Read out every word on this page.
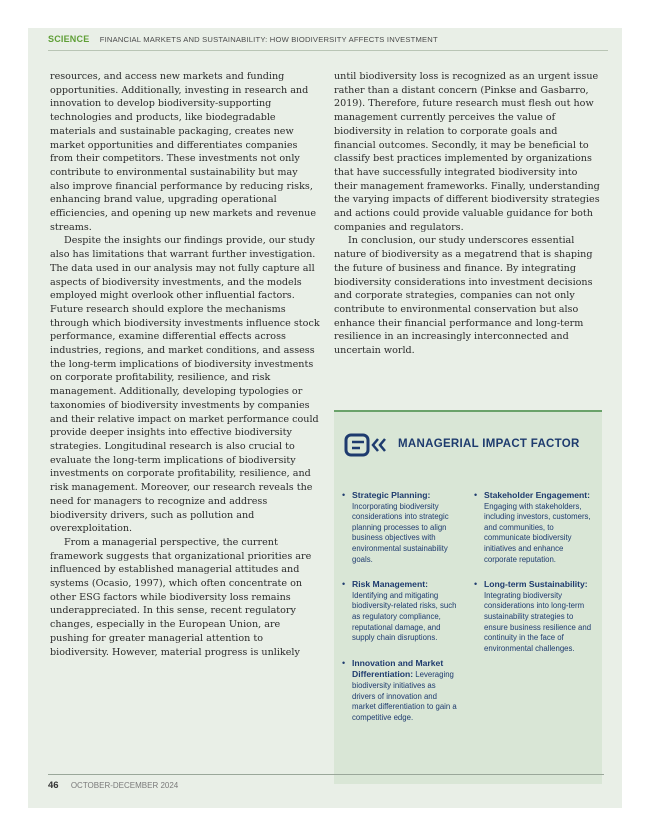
SCIENCE FINANCIAL MARKETS AND SUSTAINABILITY: HOW BIODIVERSITY AFFECTS INVESTMENT

resources, and access new markets and funding opportunities. Additionally, investing in research and innovation to develop biodiversity-supporting technologies and products, like biodegradable materials and sustainable packaging, creates new market opportunities and differentiates companies from their competitors. These investments not only contribute to environmental sustainability but may also improve financial performance by reducing risks, enhancing brand value, upgrading operational efficiencies, and opening up new markets and revenue streams.

Despite the insights our findings provide, our study also has limitations that warrant further investigation. The data used in our analysis may not fully capture all aspects of biodiversity investments, and the models employed might overlook other influential factors. Future research should explore the mechanisms through which biodiversity investments influence stock performance, examine differential effects across industries, regions, and market conditions, and assess the long-term implications of biodiversity investments on corporate profitability, resilience, and risk management. Additionally, developing typologies or taxonomies of biodiversity investments by companies and their relative impact on market performance could provide deeper insights into effective biodiversity strategies. Longitudinal research is also crucial to evaluate the long-term implications of biodiversity investments on corporate profitability, resilience, and risk management. Moreover, our research reveals the need for managers to recognize and address biodiversity drivers, such as pollution and overexploitation.

From a managerial perspective, the current framework suggests that organizational priorities are influenced by established managerial attitudes and systems (Ocasio, 1997), which often concentrate on other ESG factors while biodiversity loss remains underappreciated. In this sense, recent regulatory changes, especially in the European Union, are pushing for greater managerial attention to biodiversity. However, material progress is unlikely

until biodiversity loss is recognized as an urgent issue rather than a distant concern (Pinkse and Gasbarro, 2019). Therefore, future research must flesh out how management currently perceives the value of biodiversity in relation to corporate goals and financial outcomes. Secondly, it may be beneficial to classify best practices implemented by organizations that have successfully integrated biodiversity into their management frameworks. Finally, understanding the varying impacts of different biodiversity strategies and actions could provide valuable guidance for both companies and regulators.

In conclusion, our study underscores essential nature of biodiversity as a megatrend that is shaping the future of business and finance. By integrating biodiversity considerations into investment decisions and corporate strategies, companies can not only contribute to environmental conservation but also enhance their financial performance and long-term resilience in an increasingly interconnected and uncertain world.

MANAGERIAL IMPACT FACTOR
• Strategic Planning:
Incorporating biodiversity considerations into strategic planning processes to align business objectives with environmental sustainability goals.
• Risk Management:
Identifying and mitigating biodiversity-related risks, such as regulatory compliance, reputational damage, and supply chain disruptions.
• Innovation and Market Differentiation: Leveraging biodiversity initiatives as drivers of innovation and market differentiation to gain a competitive edge.
• Stakeholder Engagement:
Engaging with stakeholders, including investors, customers, and communities, to communicate biodiversity initiatives and enhance corporate reputation.
• Long-term Sustainability:
Integrating biodiversity considerations into long-term sustainability strategies to ensure business resilience and continuity in the face of environmental challenges.
46 OCTOBER-DECEMBER 2024
